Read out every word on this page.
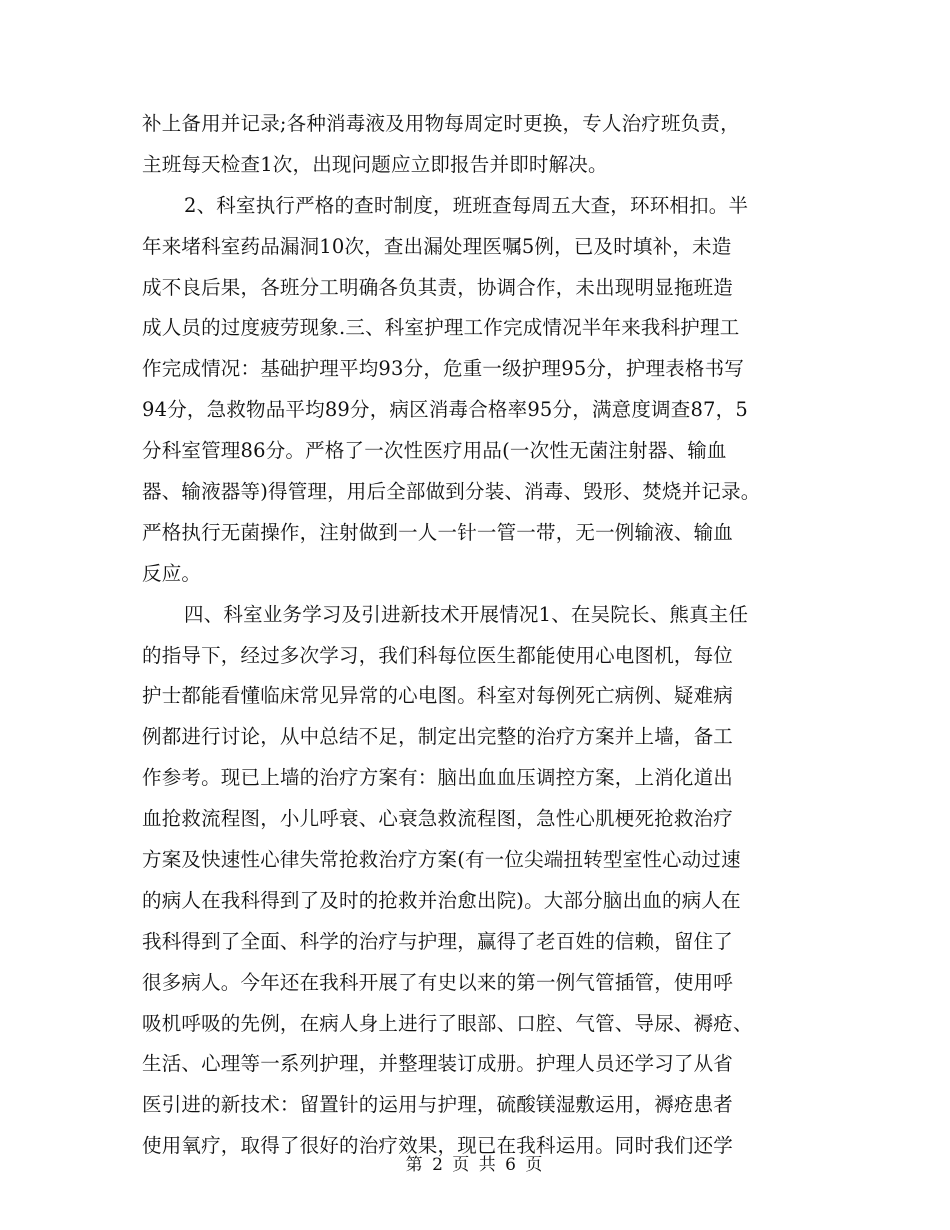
补上备用并记录;各种消毒液及用物每周定时更换，专人治疗班负责，
主班每天检查1次，出现问题应立即报告并即时解决。
2、科室执行严格的查时制度，班班查每周五大查，环环相扣。半
年来堵科室药品漏洞10次，查出漏处理医嘱5例，已及时填补，未造
成不良后果，各班分工明确各负其责，协调合作，未出现明显拖班造
成人员的过度疲劳现象.三、科室护理工作完成情况半年来我科护理工
作完成情况：基础护理平均93分，危重一级护理95分，护理表格书写
94分，急救物品平均89分，病区消毒合格率95分，满意度调查87，5
分科室管理86分。严格了一次性医疗用品(一次性无菌注射器、输血
器、输液器等)得管理，用后全部做到分装、消毒、毁形、焚烧并记录。
严格执行无菌操作，注射做到一人一针一管一带，无一例输液、输血
反应。
四、科室业务学习及引进新技术开展情况1、在吴院长、熊真主任
的指导下，经过多次学习，我们科每位医生都能使用心电图机，每位
护士都能看懂临床常见异常的心电图。科室对每例死亡病例、疑难病
例都进行讨论，从中总结不足，制定出完整的治疗方案并上墙，备工
作参考。现已上墙的治疗方案有：脑出血血压调控方案，上消化道出
血抢救流程图，小儿呼衰、心衰急救流程图，急性心肌梗死抢救治疗
方案及快速性心律失常抢救治疗方案(有一位尖端扭转型室性心动过速
的病人在我科得到了及时的抢救并治愈出院)。大部分脑出血的病人在
我科得到了全面、科学的治疗与护理，赢得了老百姓的信赖，留住了
很多病人。今年还在我科开展了有史以来的第一例气管插管，使用呼
吸机呼吸的先例，在病人身上进行了眼部、口腔、气管、导尿、褥疮、
生活、心理等一系列护理，并整理装订成册。护理人员还学习了从省
医引进的新技术：留置针的运用与护理，硫酸镁湿敷运用，褥疮患者
使用氧疗，取得了很好的治疗效果，现已在我科运用。同时我们还学
第 2 页 共 6 页
